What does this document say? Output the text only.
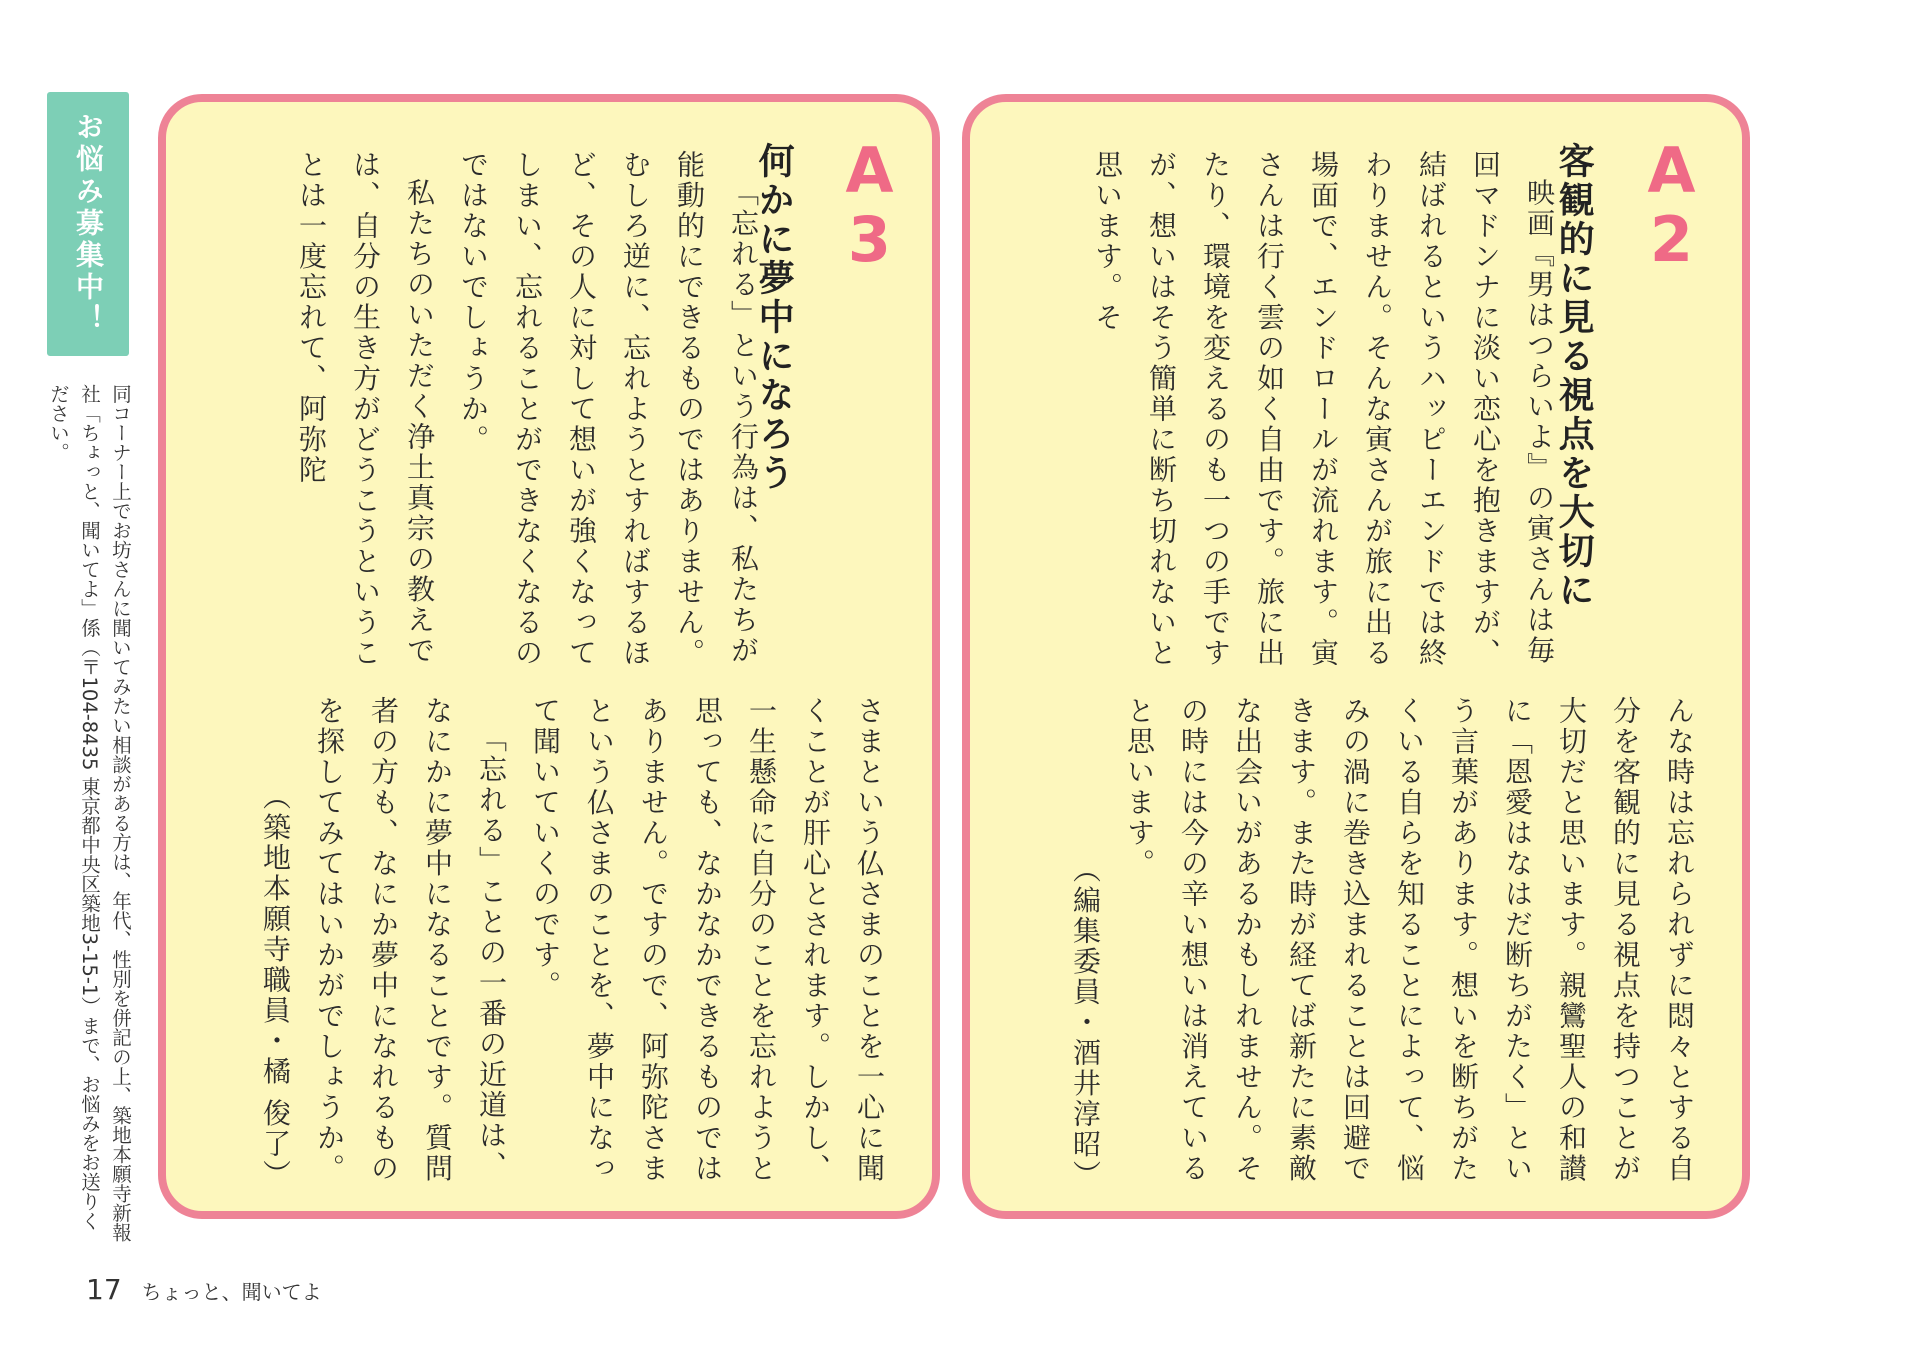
お悩み募集中！
同コーナー上でお坊さんに聞いてみたい相談がある方は、年代、性別を併記の上、築地本願寺新報社「ちょっと、聞いてよ」係（〒104-8435 東京都中央区築地3-15-1）まで、お悩みをお送りください。
A3
何かに夢中になろう

「忘れる」という行為は、私たちが能動的にできるものではありません。むしろ逆に、忘れようとすればするほど、その人に対して想いが強くなってしまい、忘れることができなくなるのではないでしょうか。

私たちのいただく浄土真宗の教えでは、自分の生き方がどうこうということは一度忘れて、阿弥陀

さまという仏さまのことを一心に聞くことが肝心とされます。しかし、一生懸命に自分のことを忘れようと思っても、なかなかできるものではありません。ですので、阿弥陀さまという仏さまのことを、夢中になって聞いていくのです。

「忘れる」ことの一番の近道は、なにかに夢中になることです。質問者の方も、なにか夢中になれるものを探してみてはいかがでしょうか。

（築地本願寺職員・橘 俊了）

A2
客観的に見る視点を大切に

映画『男はつらいよ』の寅さんは毎回マドンナに淡い恋心を抱きますが、結ばれるというハッピーエンドでは終わりません。そんな寅さんが旅に出る場面で、エンドロールが流れます。寅さんは行く雲の如く自由です。旅に出たり、環境を変えるのも一つの手ですが、想いはそう簡単に断ち切れないと思います。そ

んな時は忘れられずに悶々とする自分を客観的に見る視点を持つことが大切だと思います。親鸞聖人の和讃に「恩愛はなはだ断ちがたく」という言葉があります。想いを断ちがたくいる自らを知ることによって、悩みの渦に巻き込まれることは回避できます。また時が経てば新たに素敵な出会いがあるかもしれません。その時には今の辛い想いは消えていると思います。

（編集委員・酒井淳昭）

17 ちょっと、聞いてよ
